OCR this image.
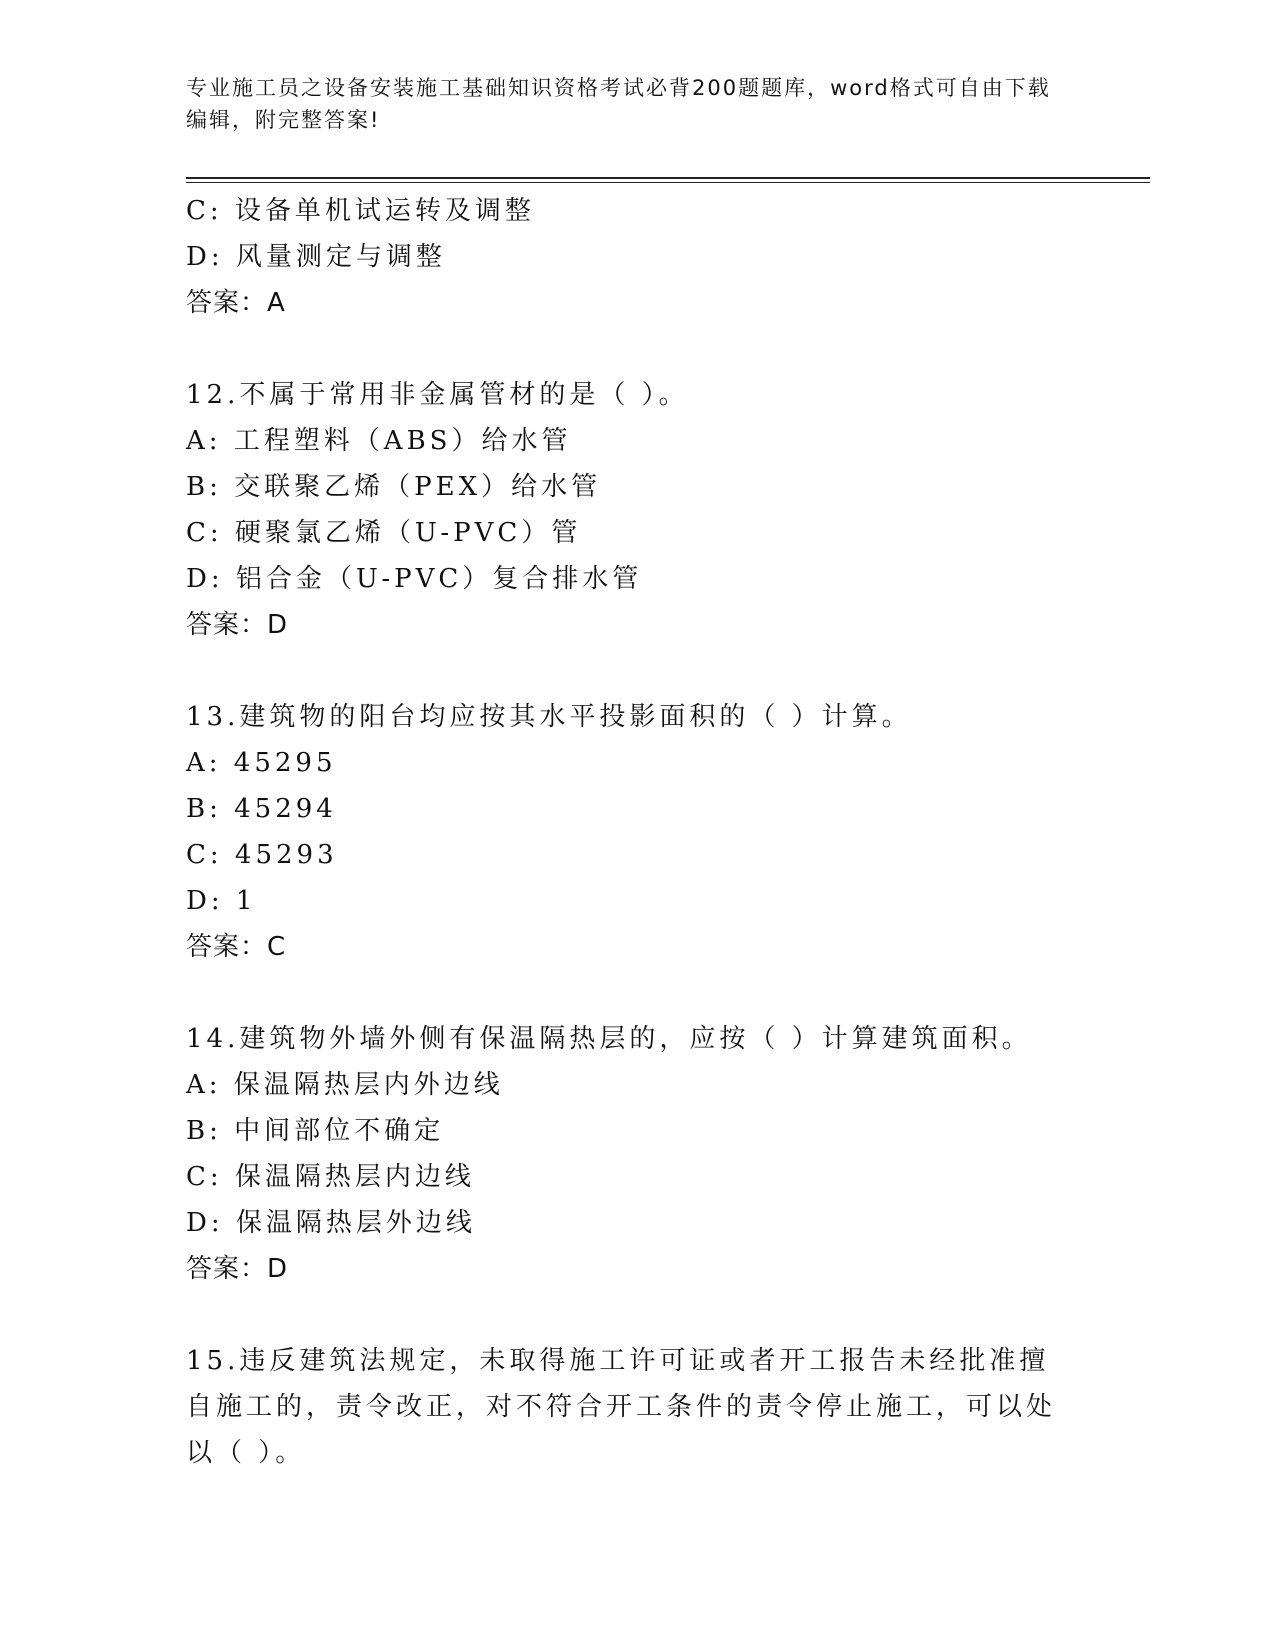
专业施工员之设备安装施工基础知识资格考试必背200题题库，word格式可自由下载编辑，附完整答案!
C: 设备单机试运转及调整
D: 风量测定与调整
答案：A
12.不属于常用非金属管材的是（ ）。
A: 工程塑料（ABS）给水管
B: 交联聚乙烯（PEX）给水管
C: 硬聚氯乙烯（U-PVC）管
D: 铝合金（U-PVC）复合排水管
答案：D
13.建筑物的阳台均应按其水平投影面积的（ ）计算。
A: 45295
B: 45294
C: 45293
D: 1
答案：C
14.建筑物外墙外侧有保温隔热层的，应按（ ）计算建筑面积。
A: 保温隔热层内外边线
B: 中间部位不确定
C: 保温隔热层内边线
D: 保温隔热层外边线
答案：D
15.违反建筑法规定，未取得施工许可证或者开工报告未经批准擅自施工的，责令改正，对不符合开工条件的责令停止施工，可以处以（ ）。
